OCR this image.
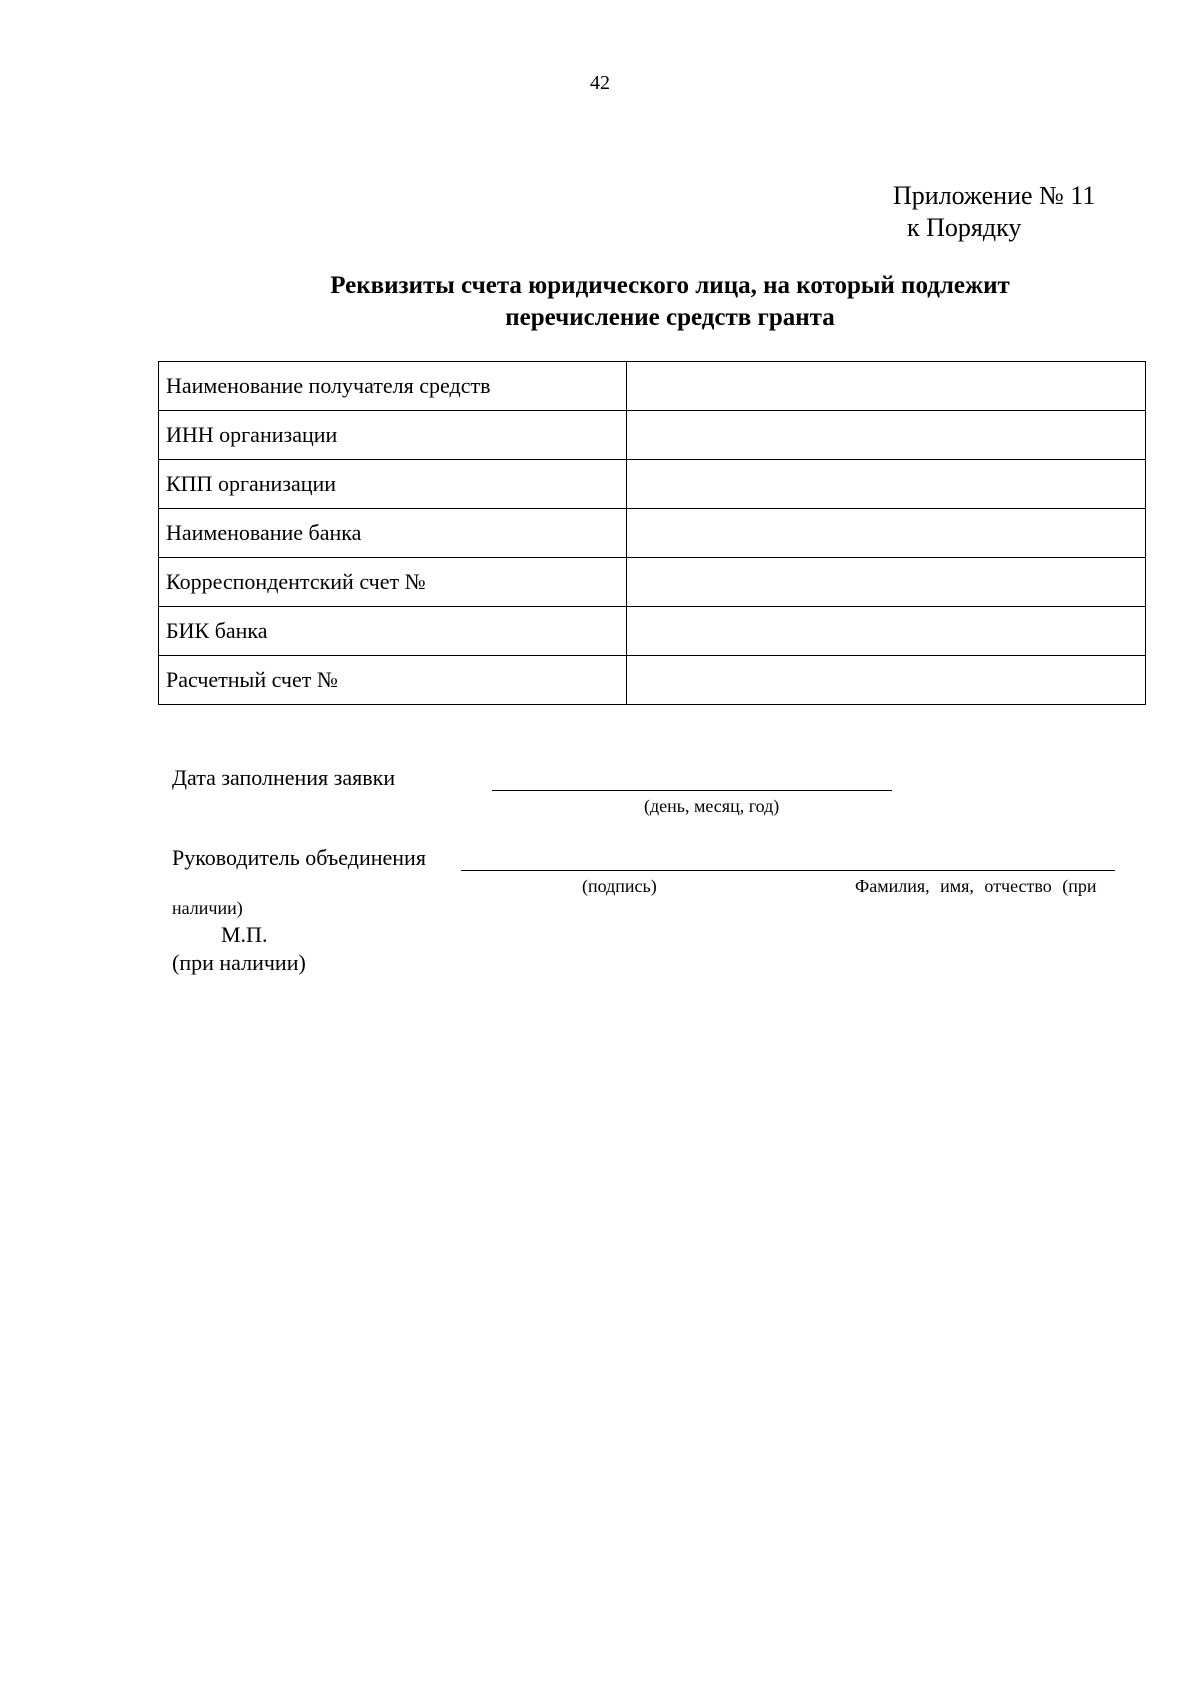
42
Приложение № 11
к Порядку
Реквизиты счета юридического лица, на который подлежит
перечисление средств гранта
Наименование получателя средств	
ИНН организации	
КПП организации	
Наименование банка	
Корреспондентский счет №	
БИК банка	
Расчетный счет №	
Дата заполнения заявки
(день, месяц, год)
Руководитель объединения
(подпись)	Фамилия, имя, отчество (при
наличии)
М.П.
(при наличии)
